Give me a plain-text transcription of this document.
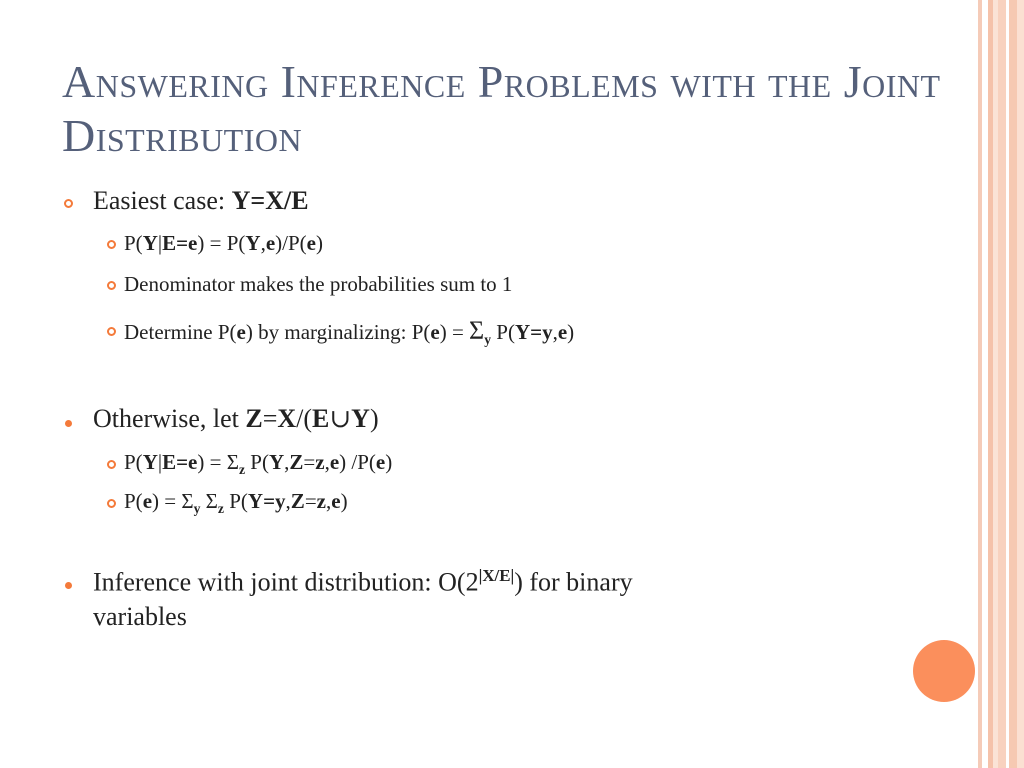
Answering Inference Problems with the Joint Distribution
Easiest case: Y=X/E
P(Y|E=e) = P(Y,e)/P(e)
Denominator makes the probabilities sum to 1
Determine P(e) by marginalizing: $P(e) = \Sigma_y$ P(Y=y,e)
Otherwise, let Z=X/(E∪Y)
$P(Y|E=e) = \Sigma_z$ P(Y,Z=z,e) /P(e)
$P(e) = \Sigma_y$ $\Sigma_z$ P(Y=y,Z=z,e)
Inference with joint distribution: $O(2^{|X/E|})$ for binary
variables
